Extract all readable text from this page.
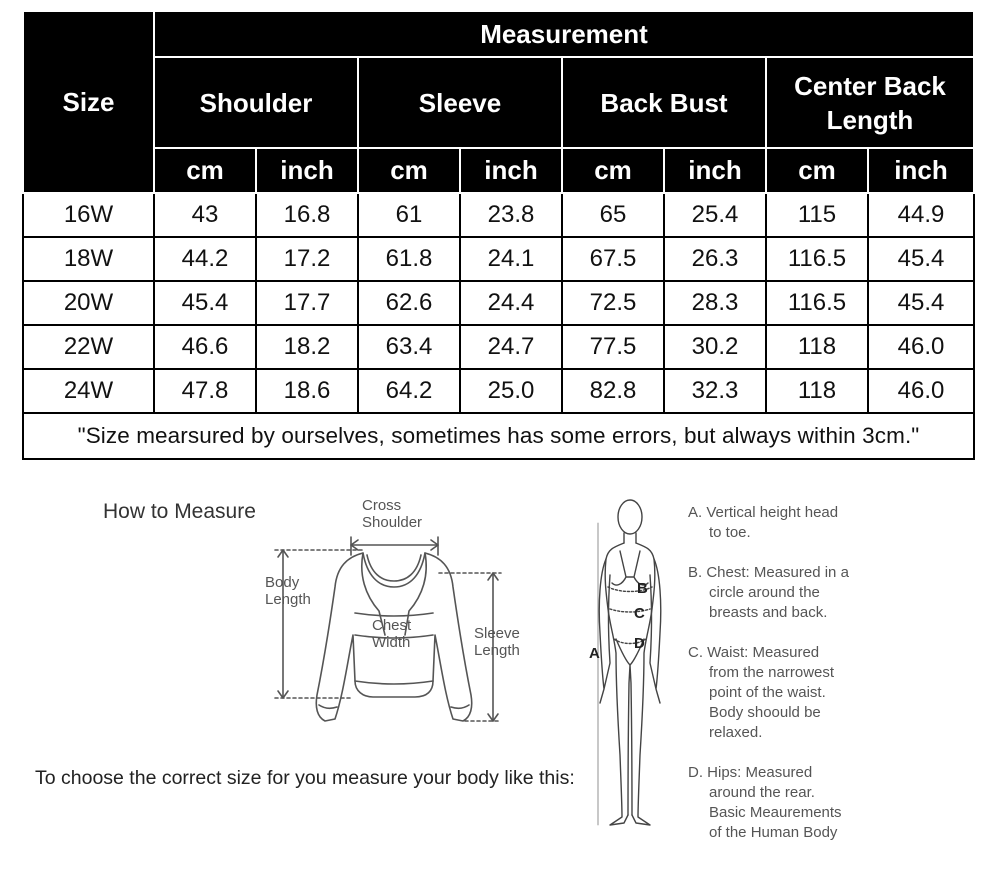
Size	Measurement							
	Shoulder		Sleeve		Back Bust		Center Back Length	
	cm	inch	cm	inch	cm	inch	cm	inch
16W	43	16.8	61	23.8	65	25.4	115	44.9
18W	44.2	17.2	61.8	24.1	67.5	26.3	116.5	45.4
20W	45.4	17.7	62.6	24.4	72.5	28.3	116.5	45.4
22W	46.6	18.2	63.4	24.7	77.5	30.2	118	46.0
24W	47.8	18.6	64.2	25.0	82.8	32.3	118	46.0
"Size mearsured by ourselves, sometimes has some errors, but always within 3cm."								
How to Measure	Cross
Shoulder
Body
Length
Chest
Width
Sleeve
Length
To choose the correct size for you measure your body like this:
B
C
D
A
A. Vertical height head
to toe.
B. Chest: Measured in a
circle around the
breasts and back.
C. Waist: Measured
from the narrowest
point of the waist.
Body shoould be
relaxed.
D. Hips: Measured
around the rear.
Basic Meaurements
of the Human Body
